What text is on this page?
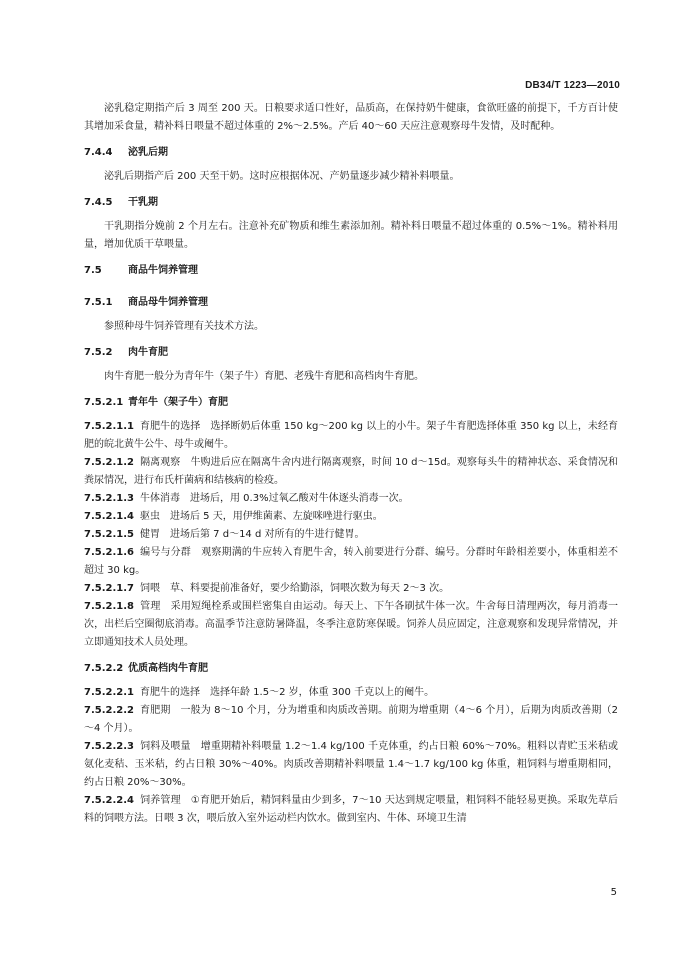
DB34/T 1223—2010

泌乳稳定期指产后 3 周至 200 天。日粮要求适口性好，品质高，在保持奶牛健康，食欲旺盛的前提下，千方百计使其增加采食量，精补料日喂量不超过体重的 2%～2.5%。产后 40～60 天应注意观察母牛发情，及时配种。

7.4.4 泌乳后期

泌乳后期指产后 200 天至干奶。这时应根据体况、产奶量逐步减少精补料喂量。

7.4.5 干乳期

干乳期指分娩前 2 个月左右。注意补充矿物质和维生素添加剂。精补料日喂量不超过体重的 0.5%～1%。精补料用量，增加优质干草喂量。

7.5	商品牛饲养管理

7.5.1 商品母牛饲养管理

参照种母牛饲养管理有关技术方法。

7.5.2 肉牛育肥

肉牛育肥一般分为青年牛（架子牛）育肥、老残牛育肥和高档肉牛育肥。

7.5.2.1 青年牛（架子牛）育肥

7.5.2.1.1 育肥牛的选择　选择断奶后体重 150 kg～200 kg 以上的小牛。架子牛育肥选择体重 350 kg 以上，未经育肥的皖北黄牛公牛、母牛或阉牛。

7.5.2.1.2 隔离观察　牛购进后应在隔离牛舍内进行隔离观察，时间 10 d～15d。观察每头牛的精神状态、采食情况和粪尿情况，进行布氏杆菌病和结核病的检疫。

7.5.2.1.3 牛体消毒　进场后，用 0.3%过氧乙酸对牛体逐头消毒一次。

7.5.2.1.4 驱虫　进场后 5 天，用伊维菌素、左旋咪唑进行驱虫。

7.5.2.1.5 健胃　进场后第 7 d～14 d 对所有的牛进行健胃。

7.5.2.1.6 编号与分群　观察期满的牛应转入育肥牛舍，转入前要进行分群、编号。分群时年龄相差要小，体重相差不超过 30 kg。

7.5.2.1.7 饲喂　草、料要提前准备好，要少给勤添，饲喂次数为每天 2～3 次。

7.5.2.1.8 管理　采用短绳栓系或围栏密集自由运动。每天上、下午各刷拭牛体一次。牛舍每日清理两次，每月消毒一次，出栏后空圈彻底消毒。高温季节注意防暑降温，冬季注意防寒保暖。饲养人员应固定，注意观察和发现异常情况，并立即通知技术人员处理。

7.5.2.2 优质高档肉牛育肥

7.5.2.2.1 育肥牛的选择　选择年龄 1.5～2 岁，体重 300 千克以上的阉牛。

7.5.2.2.2 育肥期　一般为 8～10 个月，分为增重和肉质改善期。前期为增重期（4～6 个月），后期为肉质改善期（2～4 个月）。

7.5.2.2.3 饲料及喂量　增重期精补料喂量 1.2～1.4 kg/100 千克体重，约占日粮 60%～70%。粗料以青贮玉米秸或氨化麦秸、玉米秸，约占日粮 30%～40%。肉质改善期精补料喂量 1.4～1.7 kg/100 kg 体重，粗饲料与增重期相同，约占日粮 20%～30%。

7.5.2.2.4 饲养管理　①育肥开始后，精饲料量由少到多，7～10 天达到规定喂量，粗饲料不能轻易更换。采取先草后料的饲喂方法。日喂 3 次，喂后放入室外运动栏内饮水。做到室内、牛体、环境卫生清

5
